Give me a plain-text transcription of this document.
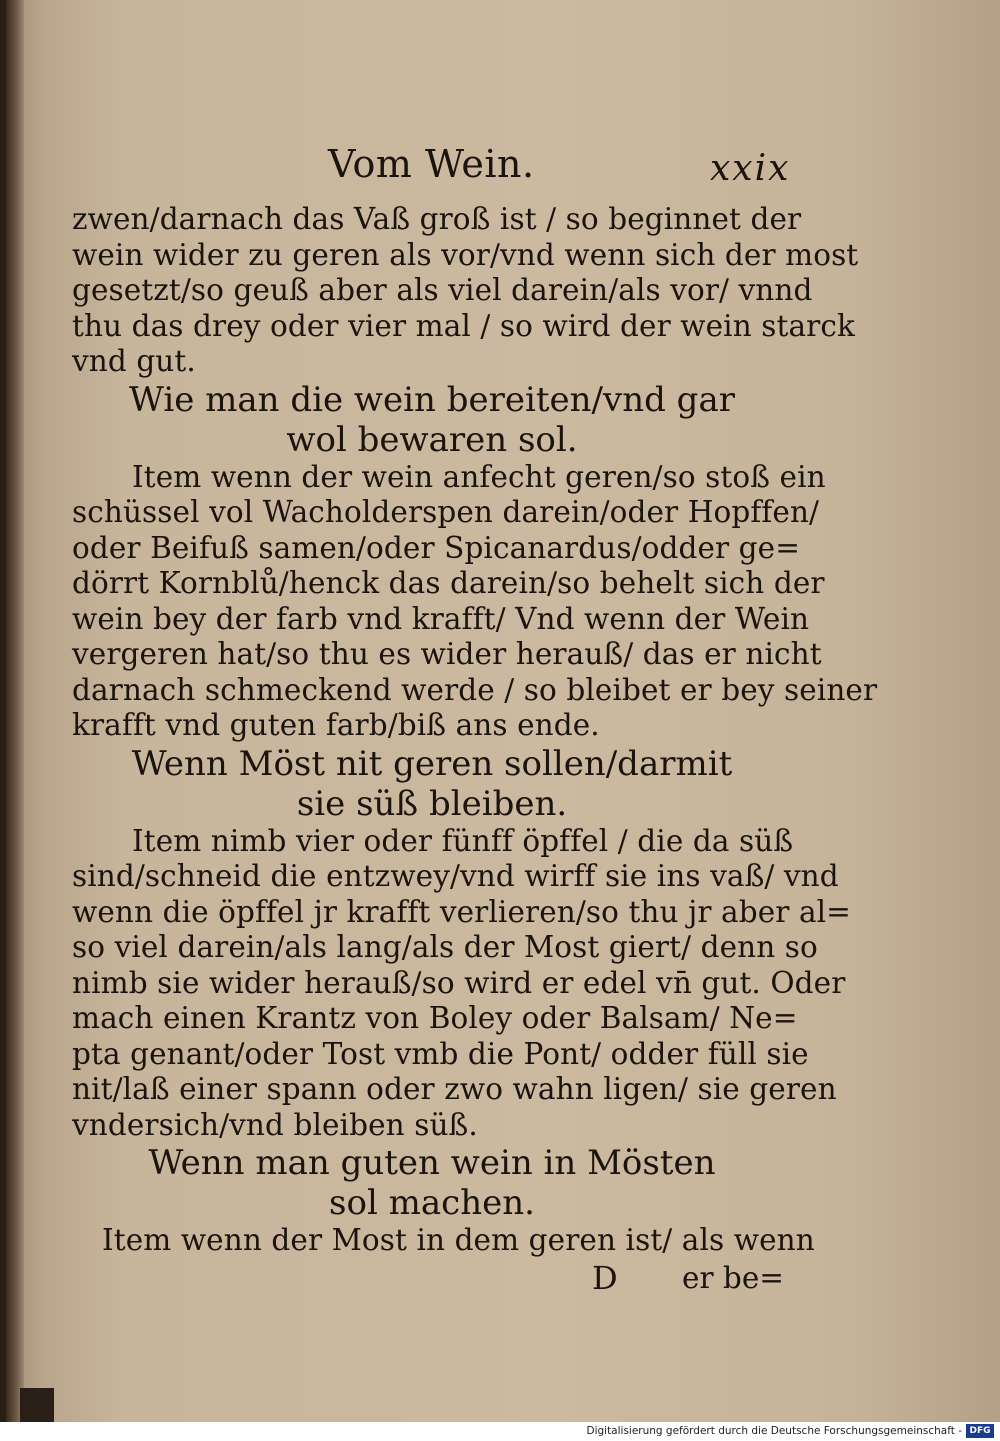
Vom Wein.	xxix
zwen/darnach das Vaß groß ist / so beginnet der
wein wider zu geren als vor/vnd wenn sich der most
gesetzt/so geuß aber als viel darein/als vor/ vnnd
thu das drey oder vier mal / so wird der wein starck
vnd gut.
Wie man die wein bereiten/vnd gar
wol bewaren sol.
Item wenn der wein anfecht geren/so stoß ein
schüssel vol Wacholderspen darein/oder Hopffen/
oder Beifuß samen/oder Spicanardus/odder ge=
dörrt Kornblů/henck das darein/so behelt sich der
wein bey der farb vnd krafft/ Vnd wenn der Wein
vergeren hat/so thu es wider herauß/ das er nicht
darnach schmeckend werde / so bleibet er bey seiner
krafft vnd guten farb/biß ans ende.
Wenn Möst nit geren sollen/darmit
sie süß bleiben.
Item nimb vier oder fünff öpffel / die da süß
sind/schneid die entzwey/vnd wirff sie ins vaß/ vnd
wenn die öpffel jr krafft verlieren/so thu jr aber al=
so viel darein/als lang/als der Most giert/ denn so
nimb sie wider herauß/so wird er edel vn̄ gut. Oder
mach einen Krantz von Boley oder Balsam/ Ne=
pta genant/oder Tost vmb die Pont/ odder füll sie
nit/laß einer spann oder zwo wahn ligen/ sie geren
vndersich/vnd bleiben süß.
Wenn man guten wein in Mösten
sol machen.
Item wenn der Most in dem geren ist/ als wenn
D er be=
Digitalisierung gefördert durch die Deutsche Forschungsgemeinschaft - DFG
